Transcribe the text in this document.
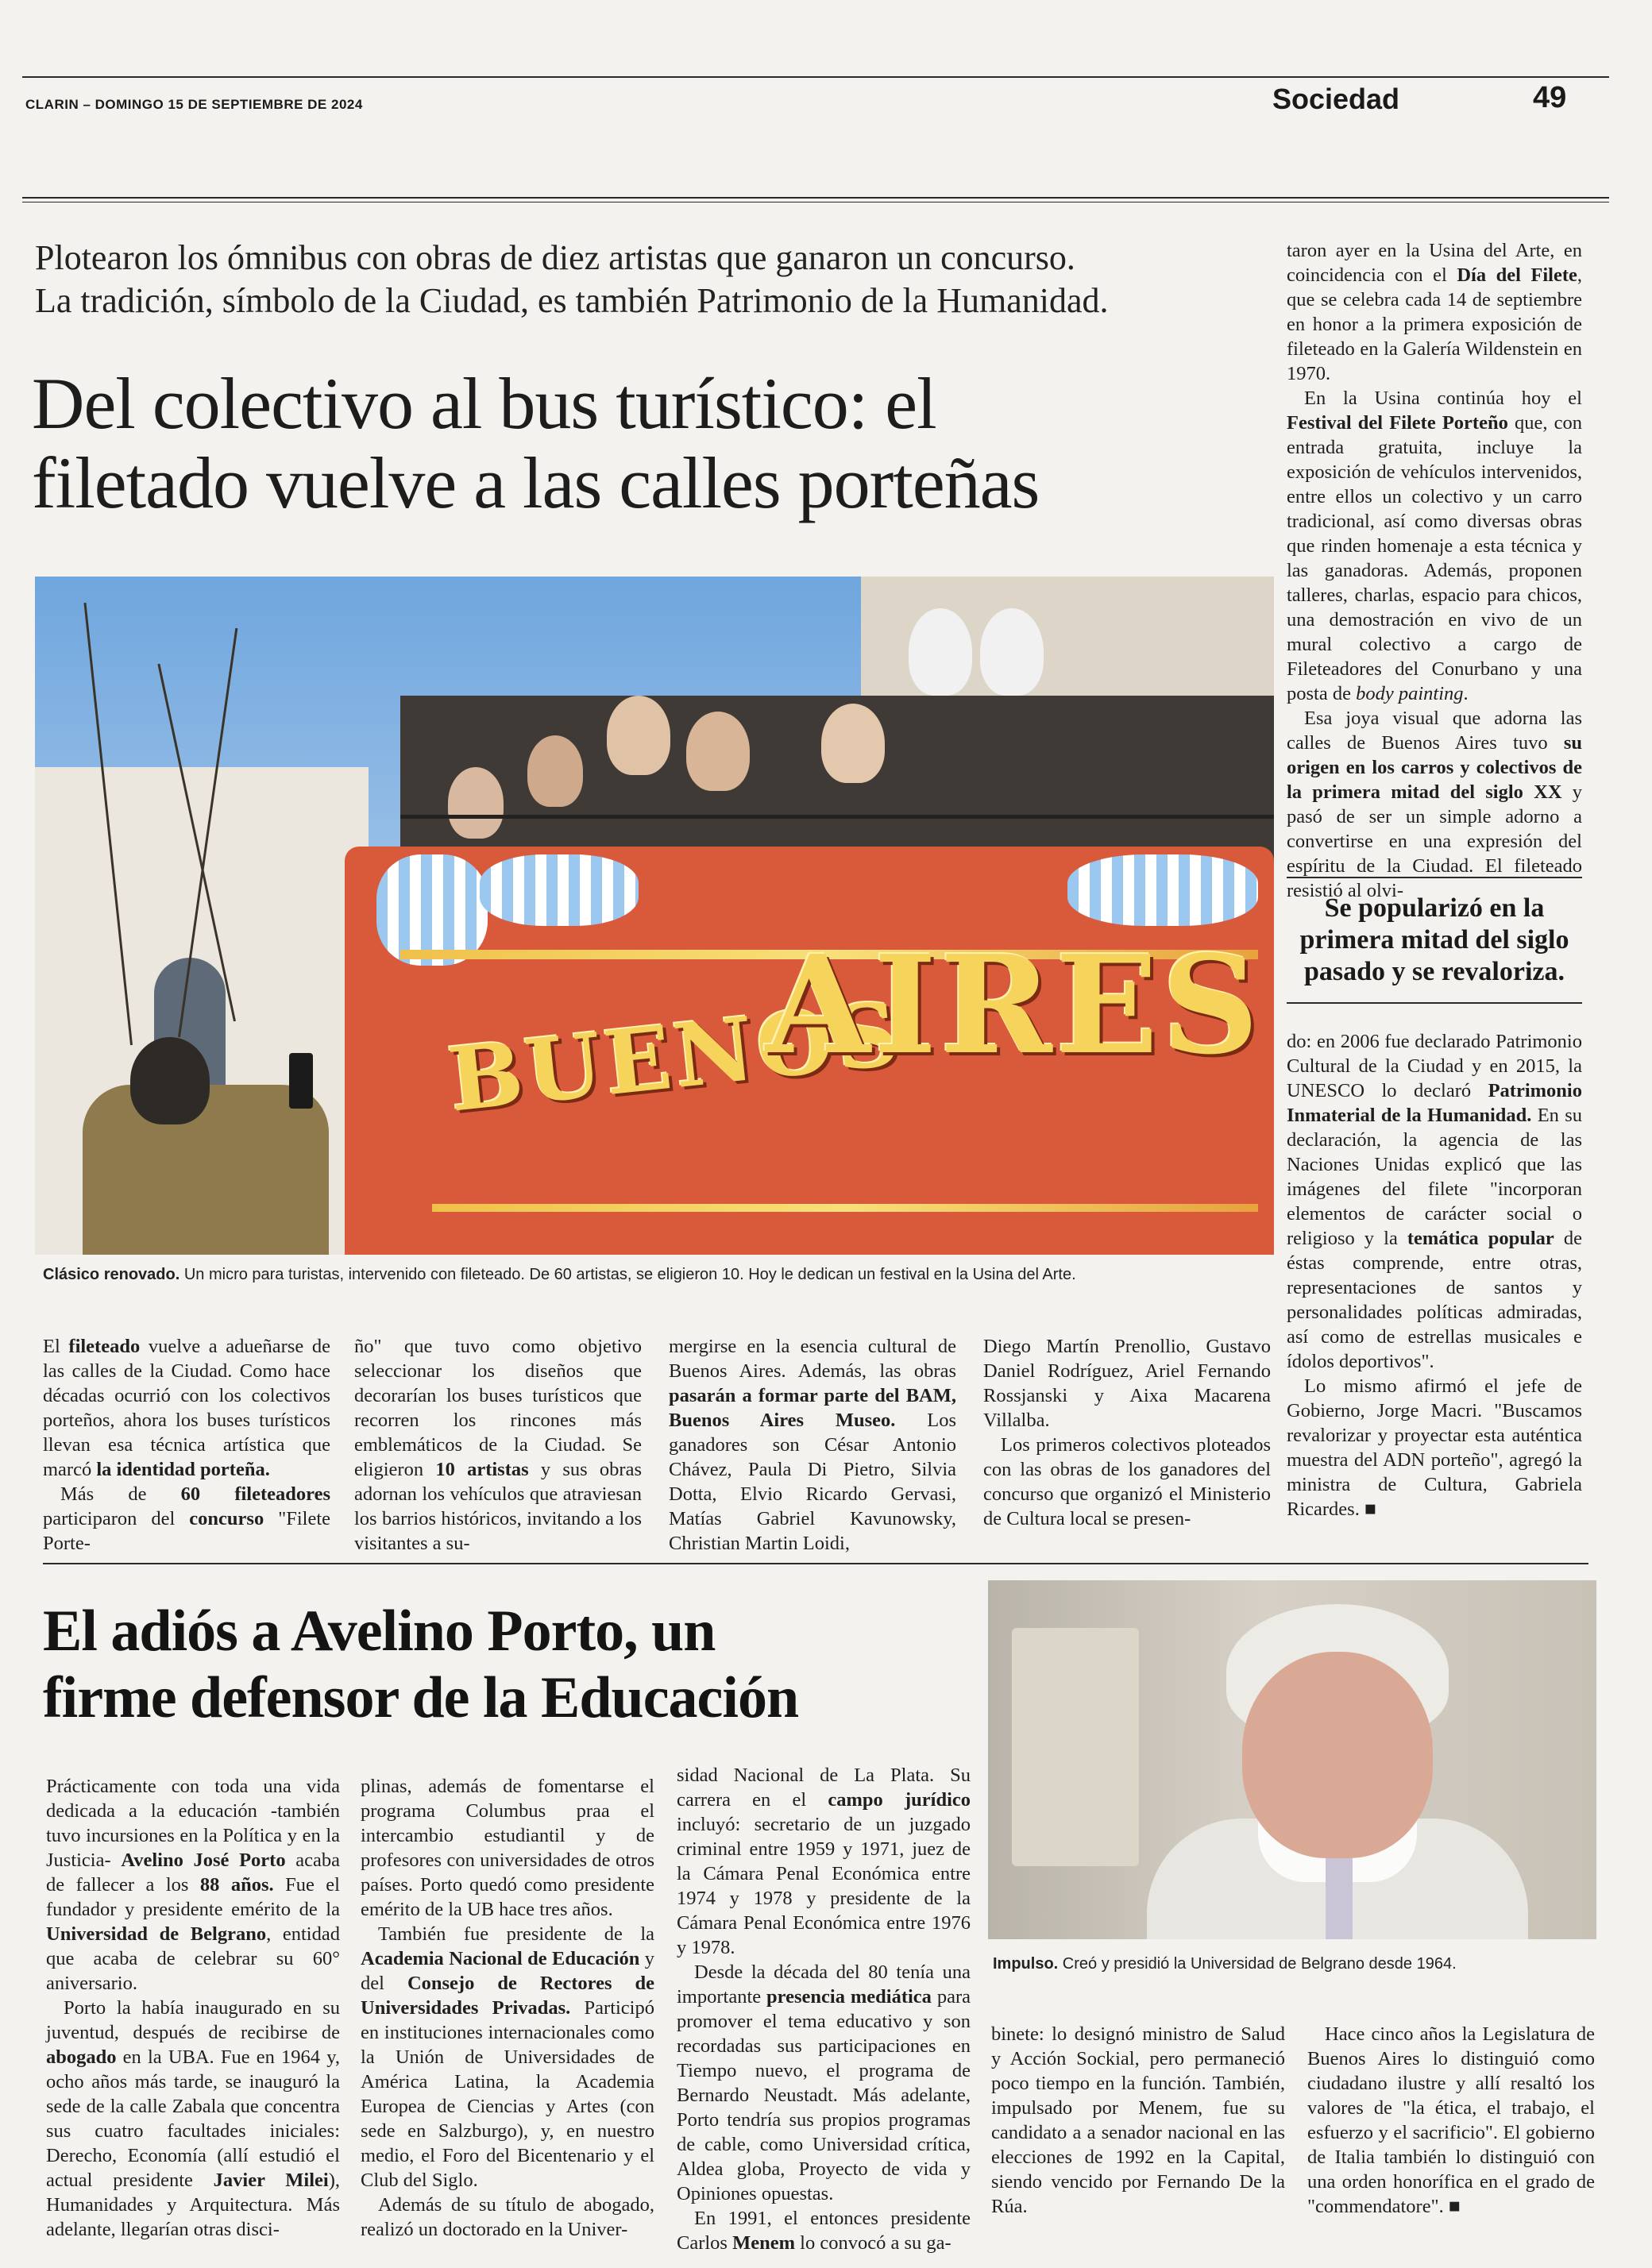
CLARIN – DOMINGO 15 DE SEPTIEMBRE DE 2024	Sociedad	49
Plotearon los ómnibus con obras de diez artistas que ganaron un concurso.
La tradición, símbolo de la Ciudad, es también Patrimonio de la Humanidad.
Del colectivo al bus turístico: el
filetado vuelve a las calles porteñas
BUENOS
AIRES
Clásico renovado. Un micro para turistas, intervenido con fileteado. De 60 artistas, se eligieron 10. Hoy le dedican un festival en la Usina del Arte.

El fileteado vuelve a adueñarse de las calles de la Ciudad. Como hace décadas ocurrió con los colectivos porteños, ahora los buses turísticos llevan esa técnica artística que marcó la identidad porteña.

Más de 60 fileteadores participaron del concurso "Filete Porte-

ño" que tuvo como objetivo seleccionar los diseños que decorarían los buses turísticos que recorren los rincones más emblemáticos de la Ciudad. Se eligieron 10 artistas y sus obras adornan los vehículos que atraviesan los barrios históricos, invitando a los visitantes a su-

mergirse en la esencia cultural de Buenos Aires. Además, las obras pasarán a formar parte del BAM, Buenos Aires Museo. Los ganadores son César Antonio Chávez, Paula Di Pietro, Silvia Dotta, Elvio Ricardo Gervasi, Matías Gabriel Kavunowsky, Christian Martin Loidi,

Diego Martín Prenollio, Gustavo Daniel Rodríguez, Ariel Fernando Rossjanski y Aixa Macarena Villalba.

Los primeros colectivos ploteados con las obras de los ganadores del concurso que organizó el Ministerio de Cultura local se presen-

taron ayer en la Usina del Arte, en coincidencia con el Día del Filete, que se celebra cada 14 de septiembre en honor a la primera exposición de fileteado en la Galería Wildenstein en 1970.

En la Usina continúa hoy el Festival del Filete Porteño que, con entrada gratuita, incluye la exposición de vehículos intervenidos, entre ellos un colectivo y un carro tradicional, así como diversas obras que rinden homenaje a esta técnica y las ganadoras. Además, proponen talleres, charlas, espacio para chicos, una demostración en vivo de un mural colectivo a cargo de Fileteadores del Conurbano y una posta de body painting.

Esa joya visual que adorna las calles de Buenos Aires tuvo su origen en los carros y colectivos de la primera mitad del siglo XX y pasó de ser un simple adorno a convertirse en una expresión del espíritu de la Ciudad. El fileteado resistió al olvi-

Se popularizó en la primera mitad del siglo pasado y se revaloriza.

do: en 2006 fue declarado Patrimonio Cultural de la Ciudad y en 2015, la UNESCO lo declaró Patrimonio Inmaterial de la Humanidad. En su declaración, la agencia de las Naciones Unidas explicó que las imágenes del filete "incorporan elementos de carácter social o religioso y la temática popular de éstas comprende, entre otras, representaciones de santos y personalidades políticas admiradas, así como de estrellas musicales e ídolos deportivos".

Lo mismo afirmó el jefe de Gobierno, Jorge Macri. "Buscamos revalorizar y proyectar esta auténtica muestra del ADN porteño", agregó la ministra de Cultura, Gabriela Ricardes. ■

El adiós a Avelino Porto, un
firme defensor de la Educación
Impulso. Creó y presidió la Universidad de Belgrano desde 1964.

Prácticamente con toda una vida dedicada a la educación -también tuvo incursiones en la Política y en la Justicia- Avelino José Porto acaba de fallecer a los 88 años. Fue el fundador y presidente emérito de la Universidad de Belgrano, entidad que acaba de celebrar su 60° aniversario.

Porto la había inaugurado en su juventud, después de recibirse de abogado en la UBA. Fue en 1964 y, ocho años más tarde, se inauguró la sede de la calle Zabala que concentra sus cuatro facultades iniciales: Derecho, Economía (allí estudió el actual presidente Javier Milei), Humanidades y Arquitectura. Más adelante, llegarían otras disci-

plinas, además de fomentarse el programa Columbus praa el intercambio estudiantil y de profesores con universidades de otros países. Porto quedó como presidente emérito de la UB hace tres años.

También fue presidente de la Academia Nacional de Educación y del Consejo de Rectores de Universidades Privadas. Participó en instituciones internacionales como la Unión de Universidades de América Latina, la Academia Europea de Ciencias y Artes (con sede en Salzburgo), y, en nuestro medio, el Foro del Bicentenario y el Club del Siglo.

Además de su título de abogado, realizó un doctorado en la Univer-

sidad Nacional de La Plata. Su carrera en el campo jurídico incluyó: secretario de un juzgado criminal entre 1959 y 1971, juez de la Cámara Penal Económica entre 1974 y 1978 y presidente de la Cámara Penal Económica entre 1976 y 1978.

Desde la década del 80 tenía una importante presencia mediática para promover el tema educativo y son recordadas sus participaciones en Tiempo nuevo, el programa de Bernardo Neustadt. Más adelante, Porto tendría sus propios programas de cable, como Universidad crítica, Aldea globa, Proyecto de vida y Opiniones opuestas.

En 1991, el entonces presidente Carlos Menem lo convocó a su ga-

binete: lo designó ministro de Salud y Acción Sockial, pero permaneció poco tiempo en la función. También, impulsado por Menem, fue su candidato a a senador nacional en las elecciones de 1992 en la Capital, siendo vencido por Fernando De la Rúa.

Hace cinco años la Legislatura de Buenos Aires lo distinguió como ciudadano ilustre y allí resaltó los valores de "la ética, el trabajo, el esfuerzo y el sacrificio". El gobierno de Italia también lo distinguió con una orden honorífica en el grado de "commendatore". ■
